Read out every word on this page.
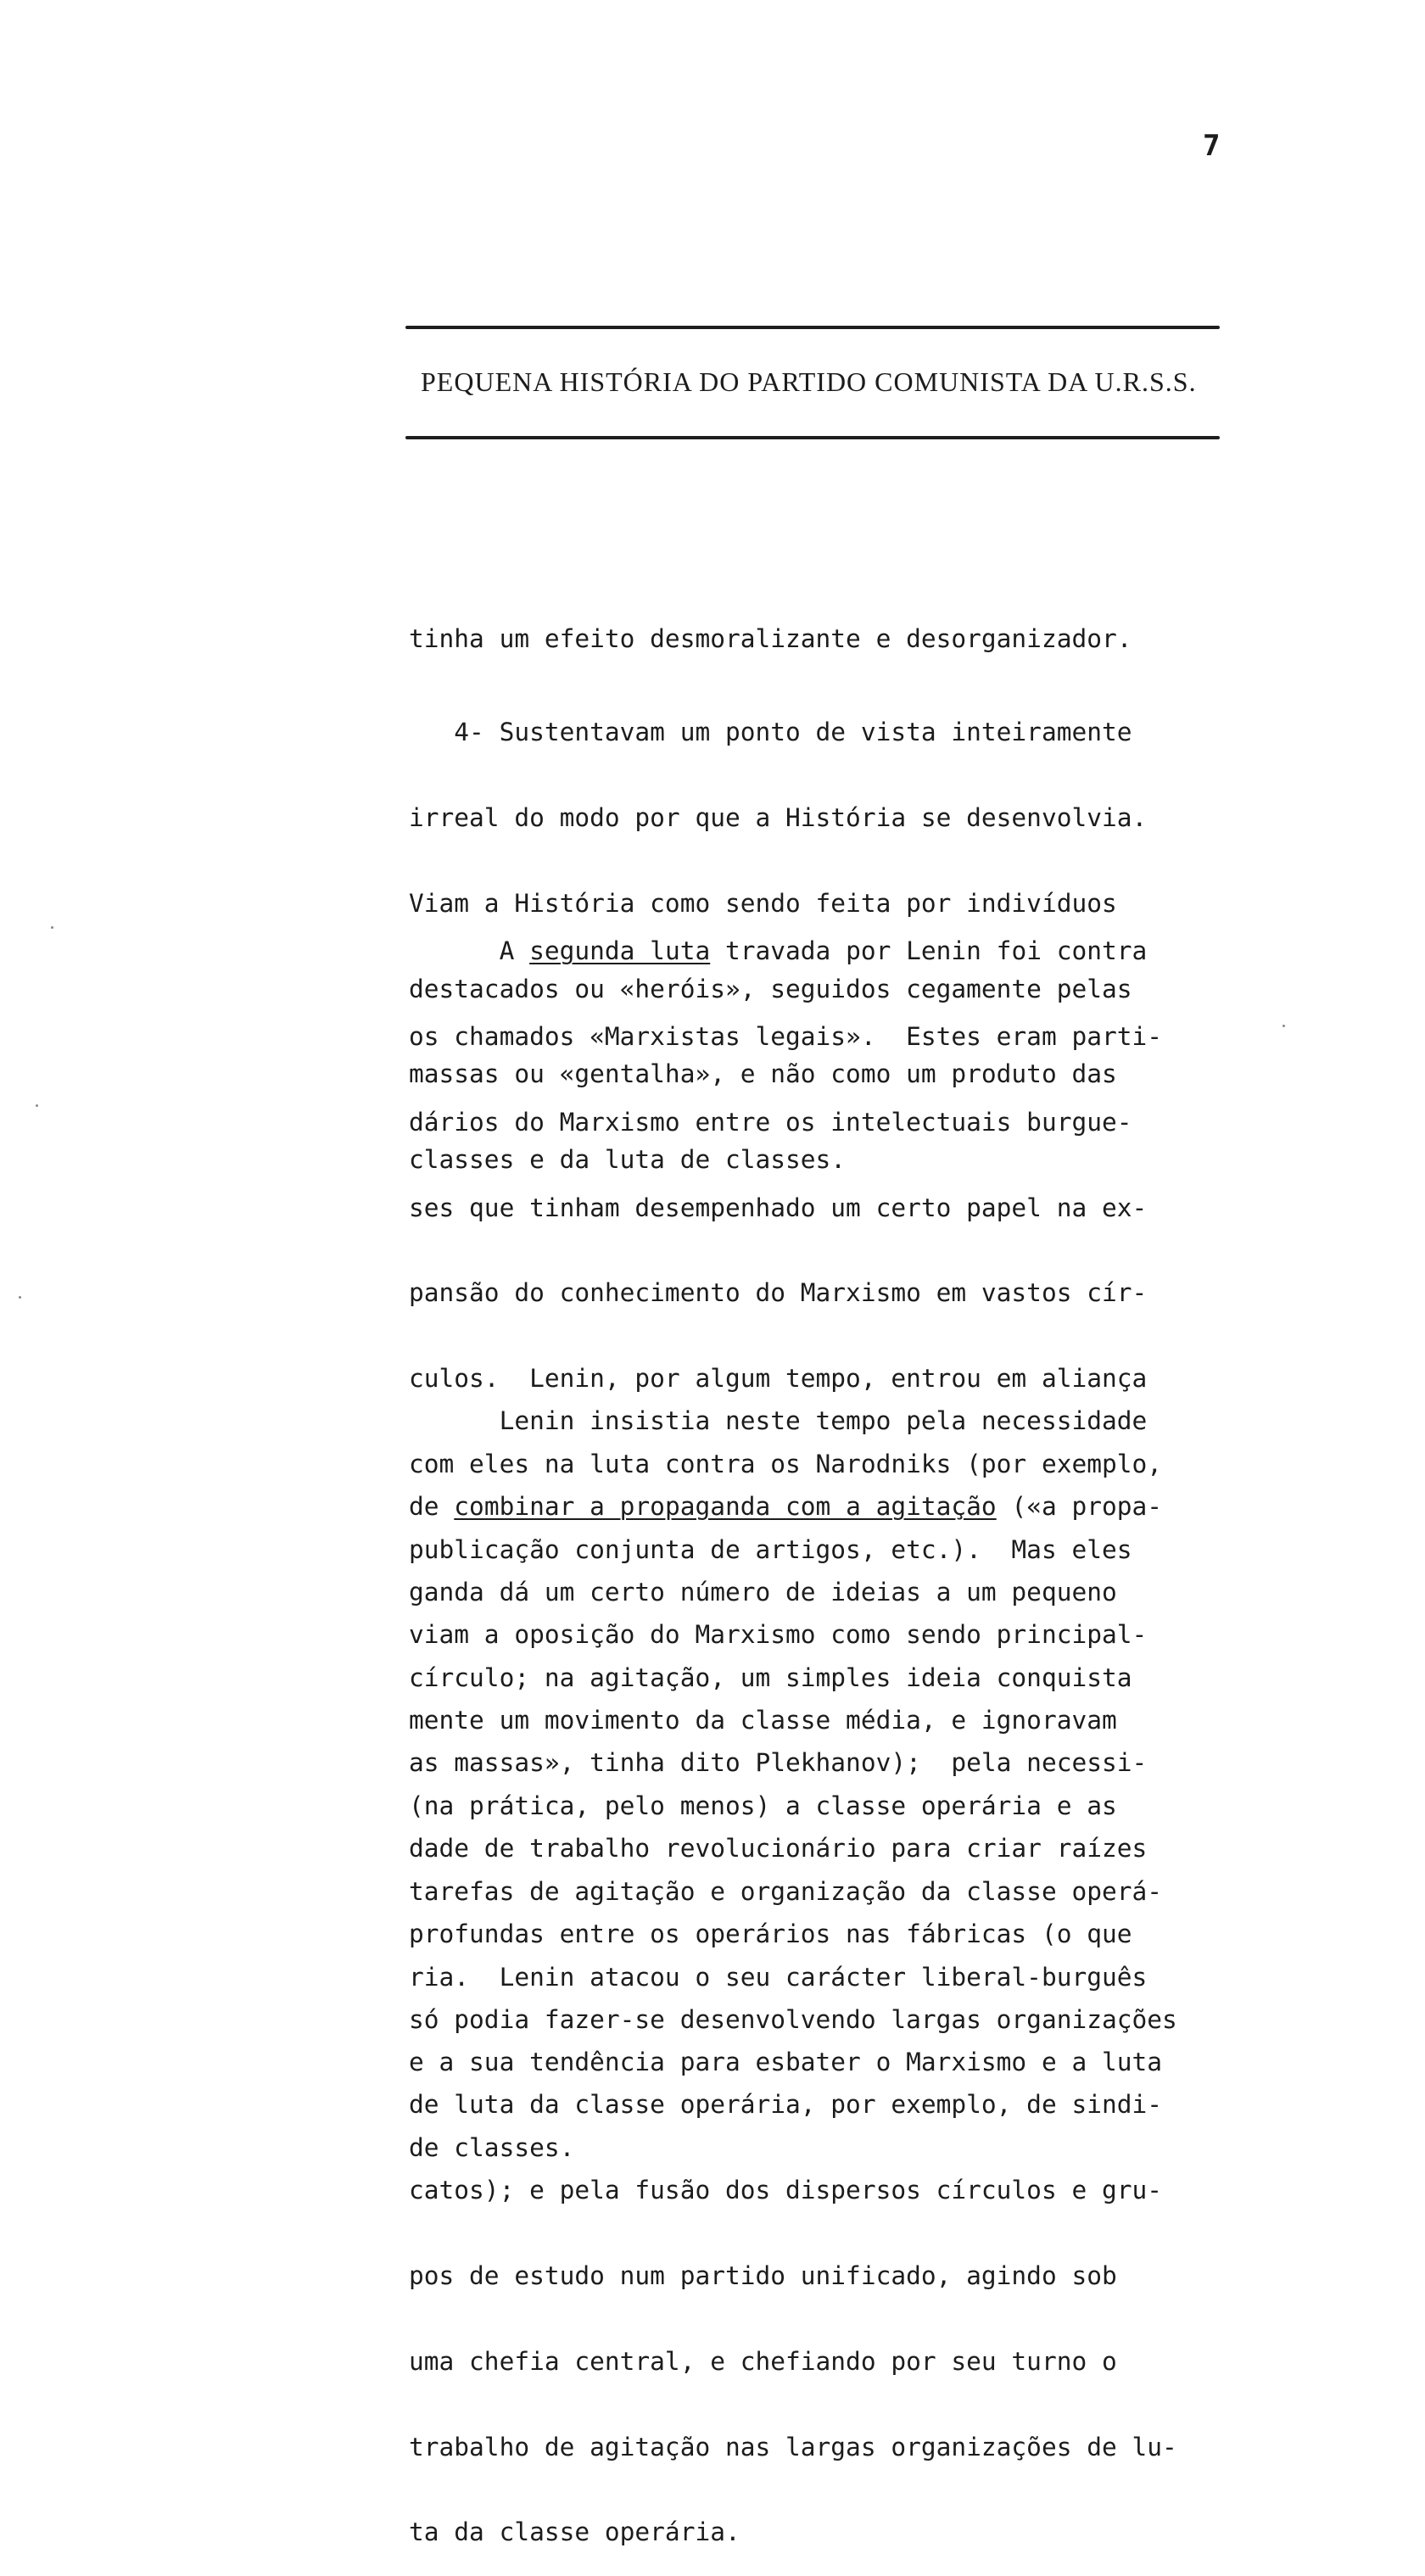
7
PEQUENA HISTÓRIA DO PARTIDO COMUNISTA DA U.R.S.S.

tinha um efeito desmoralizante e desorganizador.

4- Sustentavam um ponto de vista inteiramente

irreal do modo por que a História se desenvolvia.

Viam a História como sendo feita por indivíduos

destacados ou «heróis», seguidos cegamente pelas

massas ou «gentalha», e não como um produto das

classes e da luta de classes.

A segunda luta travada por Lenin foi contra

os chamados «Marxistas legais».  Estes eram parti-

dários do Marxismo entre os intelectuais burgue-

ses que tinham desempenhado um certo papel na ex-

pansão do conhecimento do Marxismo em vastos cír-

culos.  Lenin, por algum tempo, entrou em aliança

com eles na luta contra os Narodniks (por exemplo,

publicação conjunta de artigos, etc.).  Mas eles

viam a oposição do Marxismo como sendo principal-

mente um movimento da classe média, e ignoravam

(na prática, pelo menos) a classe operária e as

tarefas de agitação e organização da classe operá-

ria.  Lenin atacou o seu carácter liberal-burguês

e a sua tendência para esbater o Marxismo e a luta

de classes.

Lenin insistia neste tempo pela necessidade

de combinar a propaganda com a agitação («a propa-

ganda dá um certo número de ideias a um pequeno

círculo; na agitação, um simples ideia conquista

as massas», tinha dito Plekhanov);  pela necessi-

dade de trabalho revolucionário para criar raízes

profundas entre os operários nas fábricas (o que

só podia fazer-se desenvolvendo largas organizações

de luta da classe operária, por exemplo, de sindi-

catos); e pela fusão dos dispersos círculos e gru-

pos de estudo num partido unificado, agindo sob

uma chefia central, e chefiando por seu turno o

trabalho de agitação nas largas organizações de lu-

ta da classe operária.
